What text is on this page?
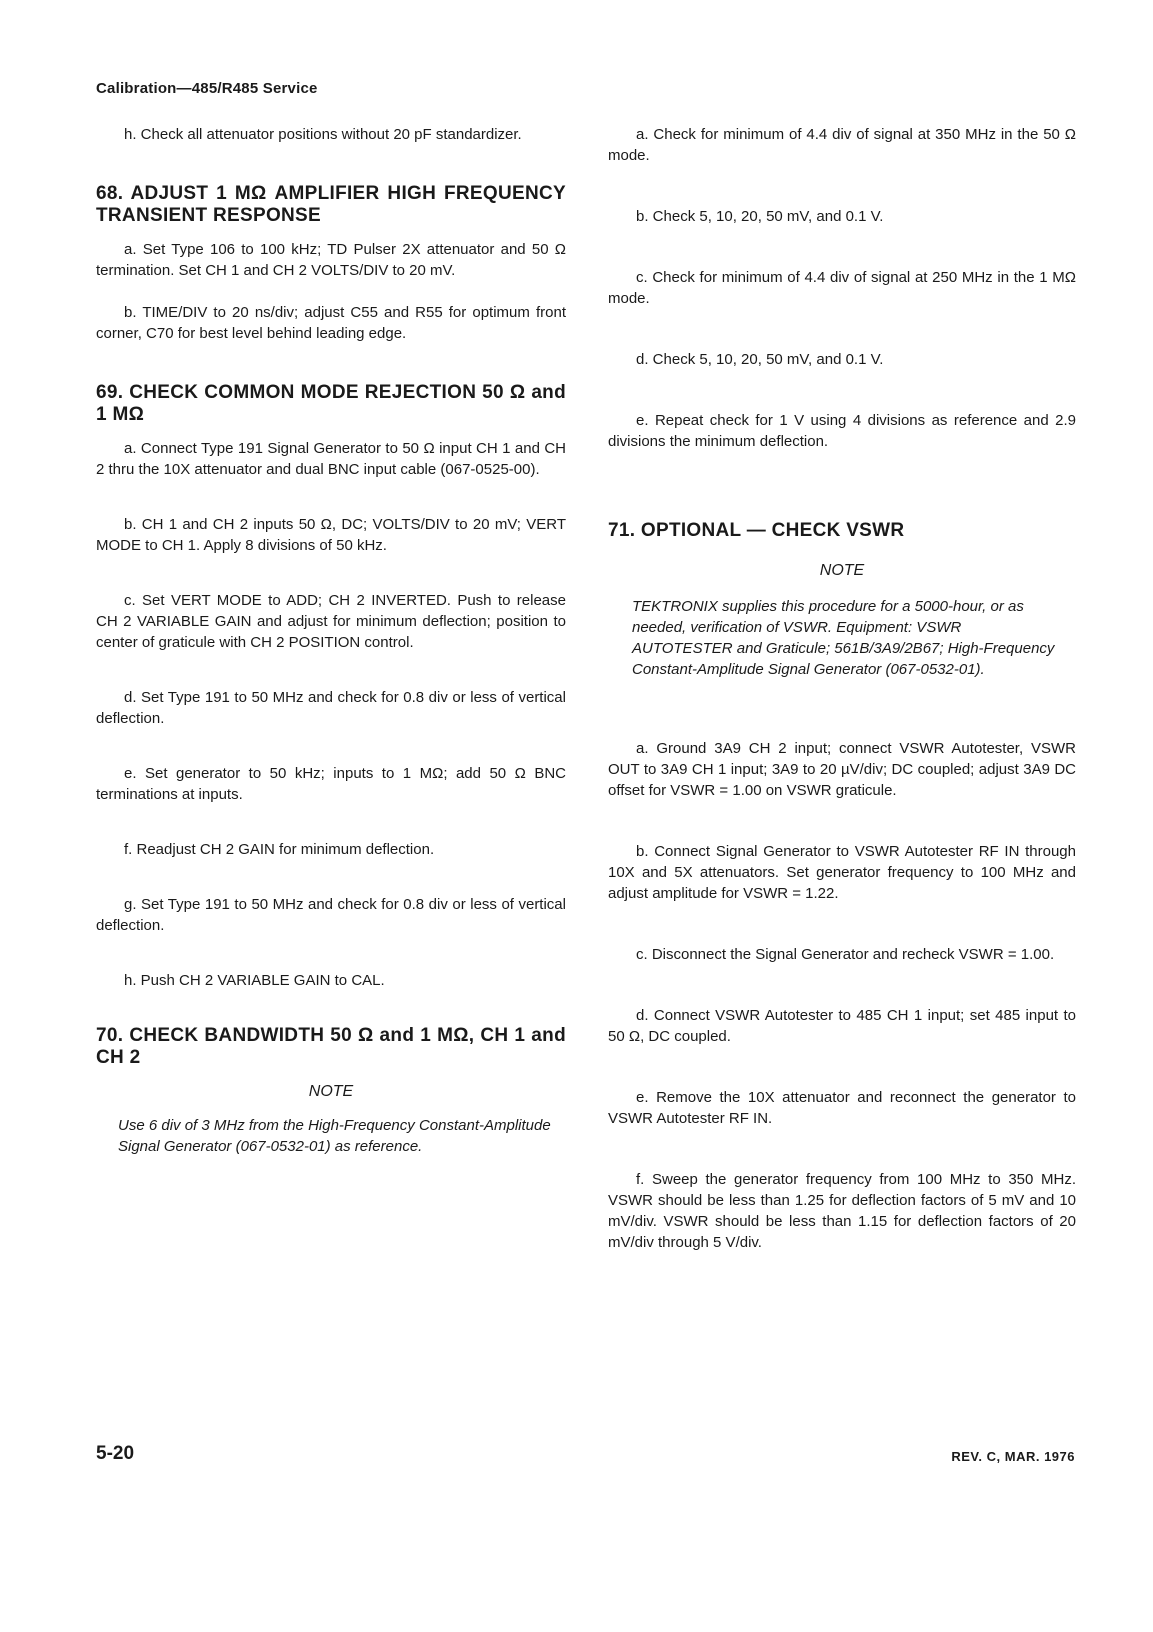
Calibration—485/R485 Service

h. Check all attenuator positions without 20 pF standardizer.

68. ADJUST 1 MΩ AMPLIFIER HIGH FREQUENCY TRANSIENT RESPONSE

a. Set Type 106 to 100 kHz; TD Pulser 2X attenuator and 50 Ω termination. Set CH 1 and CH 2 VOLTS/DIV to 20 mV.

b. TIME/DIV to 20 ns/div; adjust C55 and R55 for optimum front corner, C70 for best level behind leading edge.

69. CHECK COMMON MODE REJECTION 50 Ω and 1 MΩ

a. Connect Type 191 Signal Generator to 50 Ω input CH 1 and CH 2 thru the 10X attenuator and dual BNC input cable (067-0525-00).

b. CH 1 and CH 2 inputs 50 Ω, DC; VOLTS/DIV to 20 mV; VERT MODE to CH 1. Apply 8 divisions of 50 kHz.

c. Set VERT MODE to ADD; CH 2 INVERTED. Push to release CH 2 VARIABLE GAIN and adjust for minimum deflection; position to center of graticule with CH 2 POSITION control.

d. Set Type 191 to 50 MHz and check for 0.8 div or less of vertical deflection.

e. Set generator to 50 kHz; inputs to 1 MΩ; add 50 Ω BNC terminations at inputs.

f. Readjust CH 2 GAIN for minimum deflection.

g. Set Type 191 to 50 MHz and check for 0.8 div or less of vertical deflection.

h. Push CH 2 VARIABLE GAIN to CAL.

70. CHECK BANDWIDTH 50 Ω and 1 MΩ, CH 1 and CH 2

NOTE

Use 6 div of 3 MHz from the High-Frequency Constant-Amplitude Signal Generator (067-0532-01) as reference.

a. Check for minimum of 4.4 div of signal at 350 MHz in the 50 Ω mode.

b. Check 5, 10, 20, 50 mV, and 0.1 V.

c. Check for minimum of 4.4 div of signal at 250 MHz in the 1 MΩ mode.

d. Check 5, 10, 20, 50 mV, and 0.1 V.

e. Repeat check for 1 V using 4 divisions as reference and 2.9 divisions the minimum deflection.

71. OPTIONAL — CHECK VSWR

NOTE

TEKTRONIX supplies this procedure for a 5000-hour, or as needed, verification of VSWR. Equipment: VSWR AUTOTESTER and Graticule; 561B/3A9/2B67; High-Frequency Constant-Amplitude Signal Generator (067-0532-01).

a. Ground 3A9 CH 2 input; connect VSWR Autotester, VSWR OUT to 3A9 CH 1 input; 3A9 to 20 µV/div; DC coupled; adjust 3A9 DC offset for VSWR = 1.00 on VSWR graticule.

b. Connect Signal Generator to VSWR Autotester RF IN through 10X and 5X attenuators. Set generator frequency to 100 MHz and adjust amplitude for VSWR = 1.22.

c. Disconnect the Signal Generator and recheck VSWR = 1.00.

d. Connect VSWR Autotester to 485 CH 1 input; set 485 input to 50 Ω, DC coupled.

e. Remove the 10X attenuator and reconnect the generator to VSWR Autotester RF IN.

f. Sweep the generator frequency from 100 MHz to 350 MHz. VSWR should be less than 1.25 for deflection factors of 5 mV and 10 mV/div. VSWR should be less than 1.15 for deflection factors of 20 mV/div through 5 V/div.

5-20	REV. C, MAR. 1976
